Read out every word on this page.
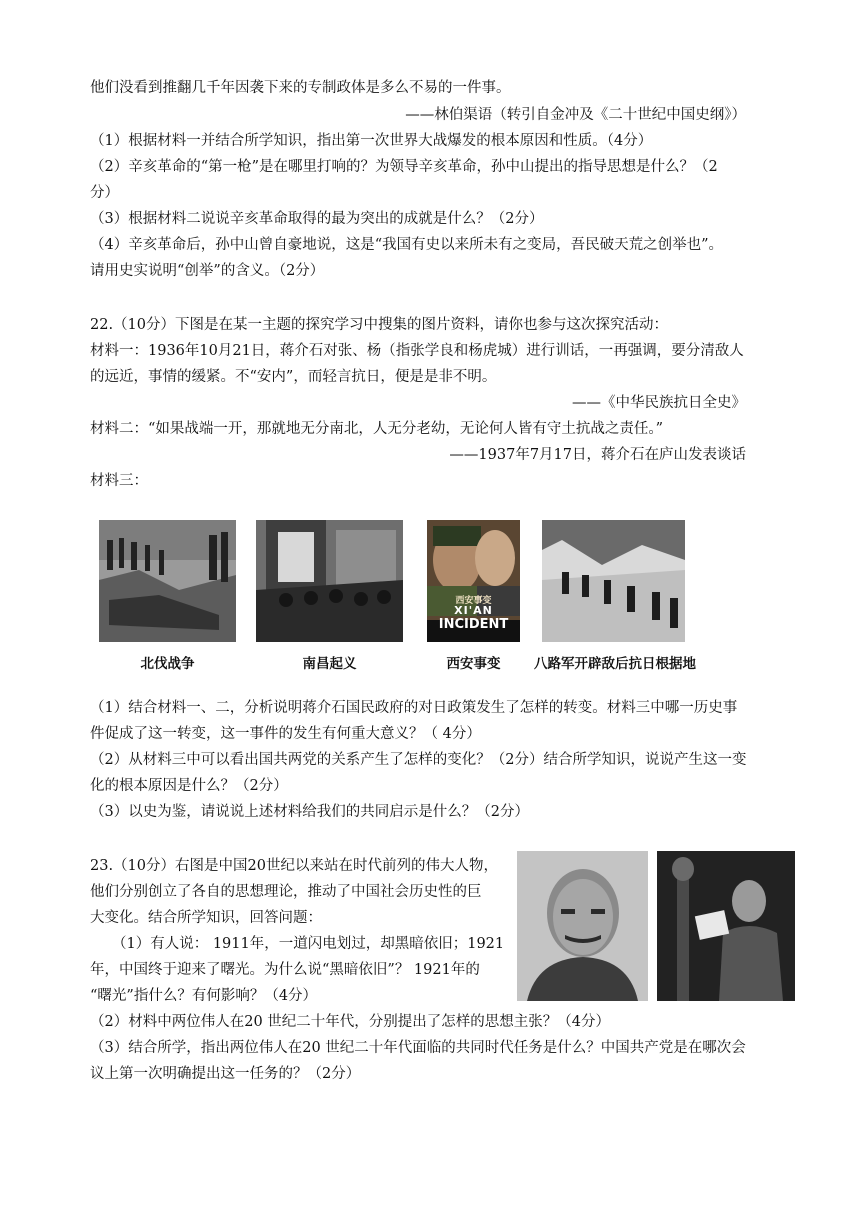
他们没看到推翻几千年因袭下来的专制政体是多么不易的一件事。
——林伯渠语（转引自金冲及《二十世纪中国史纲》）
（1）根据材料一并结合所学知识，指出第一次世界大战爆发的根本原因和性质。（4分）
（2）辛亥革命的“第一枪”是在哪里打响的？为领导辛亥革命，孙中山提出的指导思想是什么？（2
分）
（3）根据材料二说说辛亥革命取得的最为突出的成就是什么？（2分）
（4）辛亥革命后，孙中山曾自豪地说，这是“我国有史以来所未有之变局，吾民破天荒之创举也”。
请用史实说明“创举”的含义。（2分）
22.（10分）下图是在某一主题的探究学习中搜集的图片资料，请你也参与这次探究活动：
材料一：1936年10月21日，蒋介石对张、杨（指张学良和杨虎城）进行训话，一再强调，要分清敌人
的远近，事情的缓紧。不“安内”，而轻言抗日，便是是非不明。
——《中华民族抗日全史》
材料二：“如果战端一开，那就地无分南北，人无分老幼，无论何人皆有守土抗战之责任。”
——1937年7月17日，蒋介石在庐山发表谈话
材料三：
北伐战争	南昌起义
西安事变
XI'AN
INCIDENT
西安事变	八路军开辟敌后抗日根据地
（1）结合材料一、二，分析说明蒋介石国民政府的对日政策发生了怎样的转变。材料三中哪一历史事
件促成了这一转变，这一事件的发生有何重大意义？（ 4分）
（2）从材料三中可以看出国共两党的关系产生了怎样的变化？（2分）结合所学知识，说说产生这一变
化的根本原因是什么？（2分）
（3）以史为鉴，请说说上述材料给我们的共同启示是什么？（2分）
23.（10分）右图是中国20世纪以来站在时代前列的伟大人物，
他们分别创立了各自的思想理论，推动了中国社会历史性的巨
大变化。结合所学知识，回答问题：
（1）有人说： 1911年，一道闪电划过，却黑暗依旧；1921
年，中国终于迎来了曙光。为什么说“黑暗依旧”？ 1921年的
“曙光”指什么？有何影响？（4分）
（2）材料中两位伟人在20 世纪二十年代，分别提出了怎样的思想主张？（4分）
（3）结合所学，指出两位伟人在20 世纪二十年代面临的共同时代任务是什么？中国共产党是在哪次会
议上第一次明确提出这一任务的？（2分）
